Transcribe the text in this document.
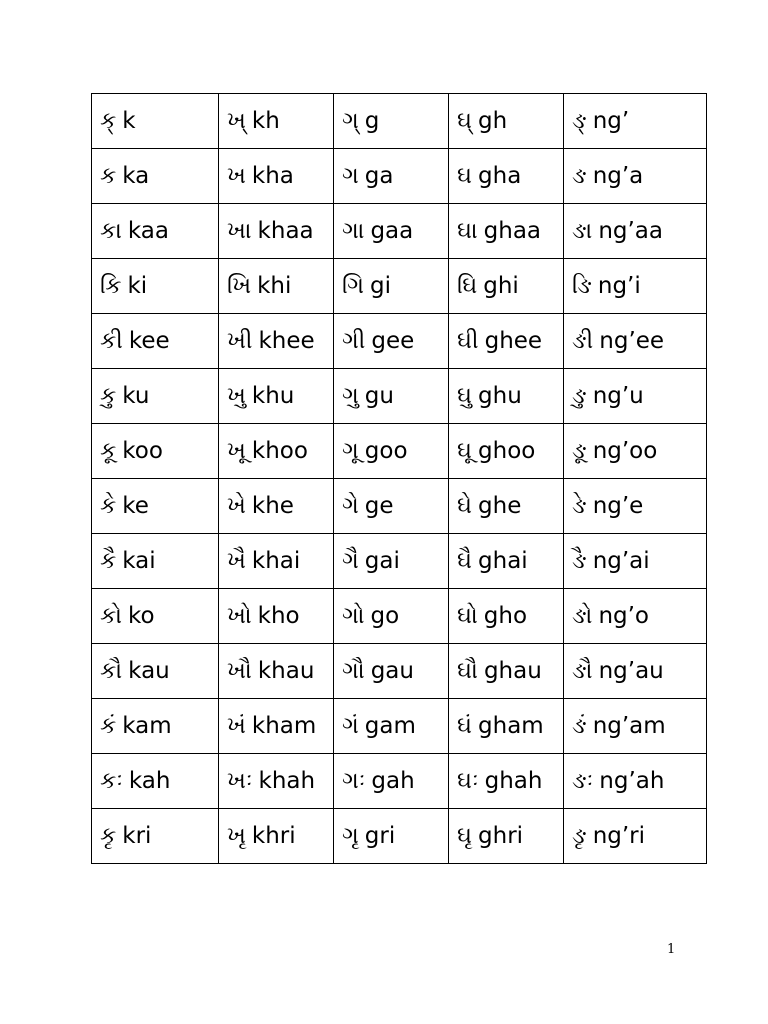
ક્ k	ખ્ kh	ગ્ g	ઘ્ gh	ઙ્ ng’
ક ka	ખ kha	ગ ga	ઘ gha	ઙ ng’a
કા kaa	ખા khaa	ગા gaa	ઘા ghaa	ઙા ng’aa
કિ ki	ખિ khi	ગિ gi	ઘિ ghi	ઙિ ng’i
કી kee	ખી khee	ગી gee	ઘી ghee	ઙી ng’ee
કુ ku	ખુ khu	ગુ gu	ઘુ ghu	ઙુ ng’u
કૂ koo	ખૂ khoo	ગૂ goo	ઘૂ ghoo	ઙૂ ng’oo
કે ke	ખે khe	ગે ge	ઘે ghe	ઙે ng’e
કૈ kai	ખૈ khai	ગૈ gai	ઘૈ ghai	ઙૈ ng’ai
કો ko	ખો kho	ગો go	ઘો gho	ઙો ng’o
કૌ kau	ખૌ khau	ગૌ gau	ઘૌ ghau	ઙૌ ng’au
કં kam	ખં kham	ગં gam	ઘં gham	ઙં ng’am
કઃ kah	ખઃ khah	ગઃ gah	ઘઃ ghah	ઙઃ ng’ah
કૃ kri	ખૃ khri	ગૃ gri	ઘૃ ghri	ઙૃ ng’ri
1
